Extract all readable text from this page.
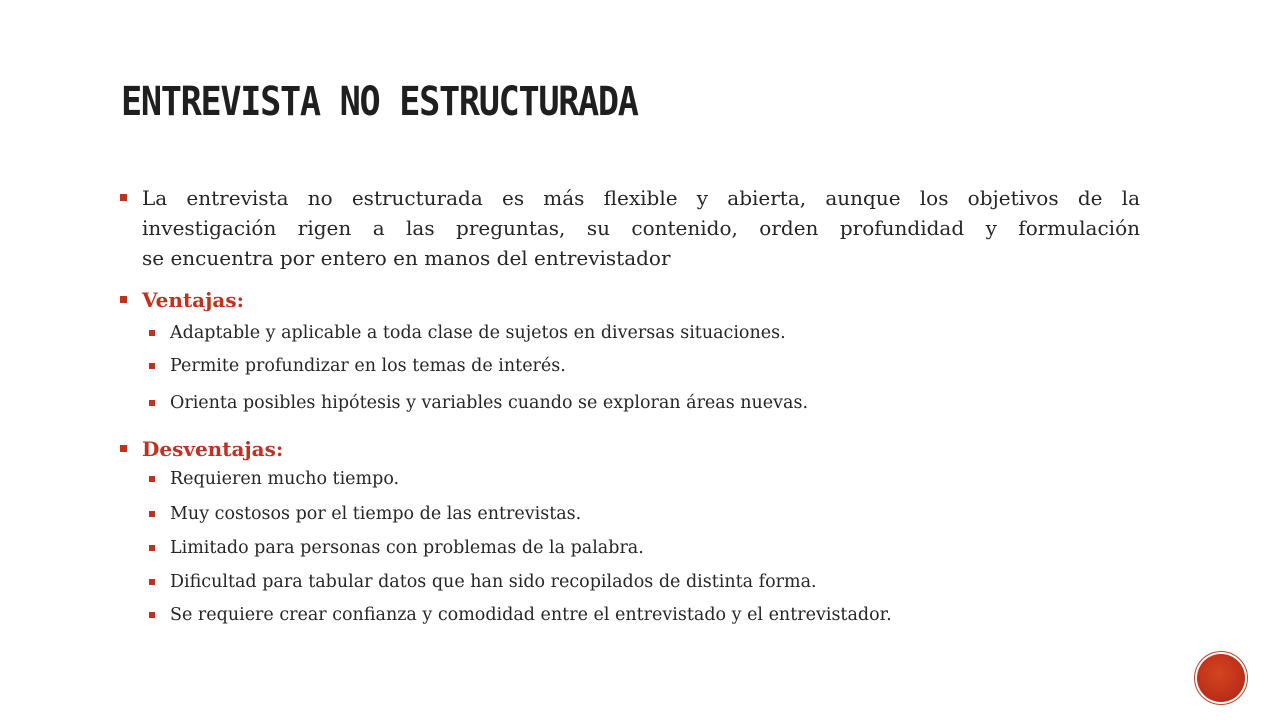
ENTREVISTA NO ESTRUCTURADA
La entrevista no estructurada es más flexible y abierta, aunque los objetivos de la
investigación rigen a las preguntas, su contenido, orden profundidad y formulación
se encuentra por entero en manos del entrevistador
Ventajas:
Adaptable y aplicable a toda clase de sujetos en diversas situaciones.
Permite profundizar en los temas de interés.
Orienta posibles hipótesis y variables cuando se exploran áreas nuevas.
Desventajas:
Requieren mucho tiempo.
Muy costosos por el tiempo de las entrevistas.
Limitado para personas con problemas de la palabra.
Dificultad para tabular datos que han sido recopilados de distinta forma.
Se requiere crear confianza y comodidad entre el entrevistado y el entrevistador.
